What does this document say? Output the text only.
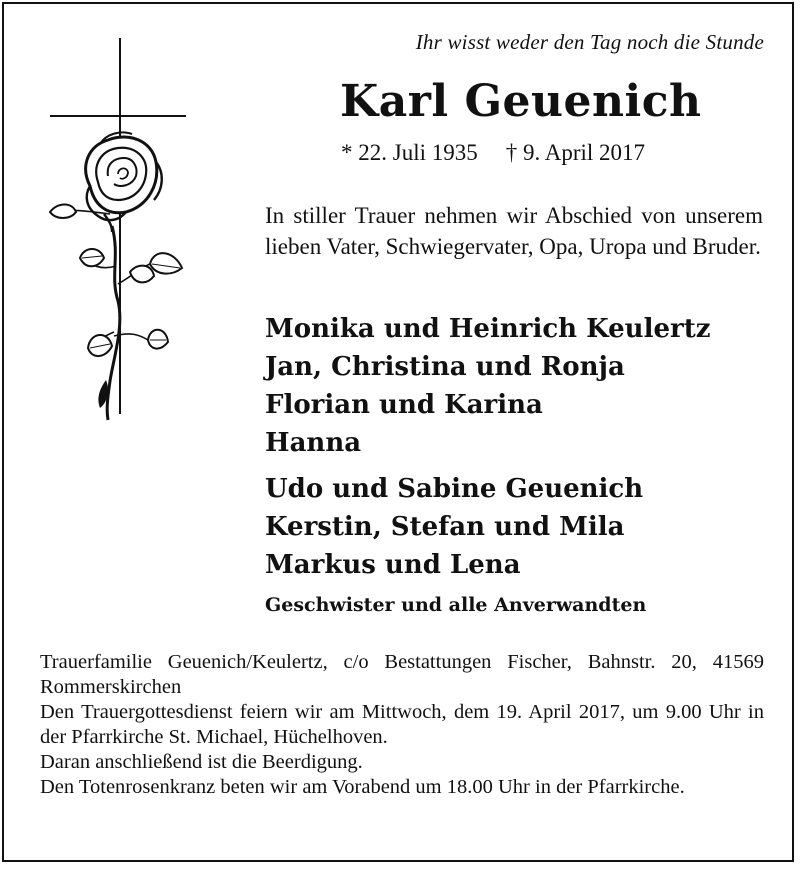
Ihr wisst weder den Tag noch die Stunde
Karl Geuenich
* 22. Juli 1935 † 9. April 2017
In stiller Trauer nehmen wir Abschied von unserem lieben Vater, Schwiegervater, Opa, Uropa und Bruder.
Monika und Heinrich Keulertz
Jan, Christina und Ronja
Florian und Karina
Hanna
Udo und Sabine Geuenich
Kerstin, Stefan und Mila
Markus und Lena
Geschwister und alle Anverwandten

Trauerfamilie Geuenich/Keulertz, c/o Bestattungen Fischer, Bahnstr. 20, 41569 Rommerskirchen

Den Trauergottesdienst feiern wir am Mittwoch, dem 19. April 2017, um 9.00 Uhr in der Pfarrkirche St. Michael, Hüchelhoven.

Daran anschließend ist die Beerdigung.

Den Totenrosenkranz beten wir am Vorabend um 18.00 Uhr in der Pfarrkirche.
